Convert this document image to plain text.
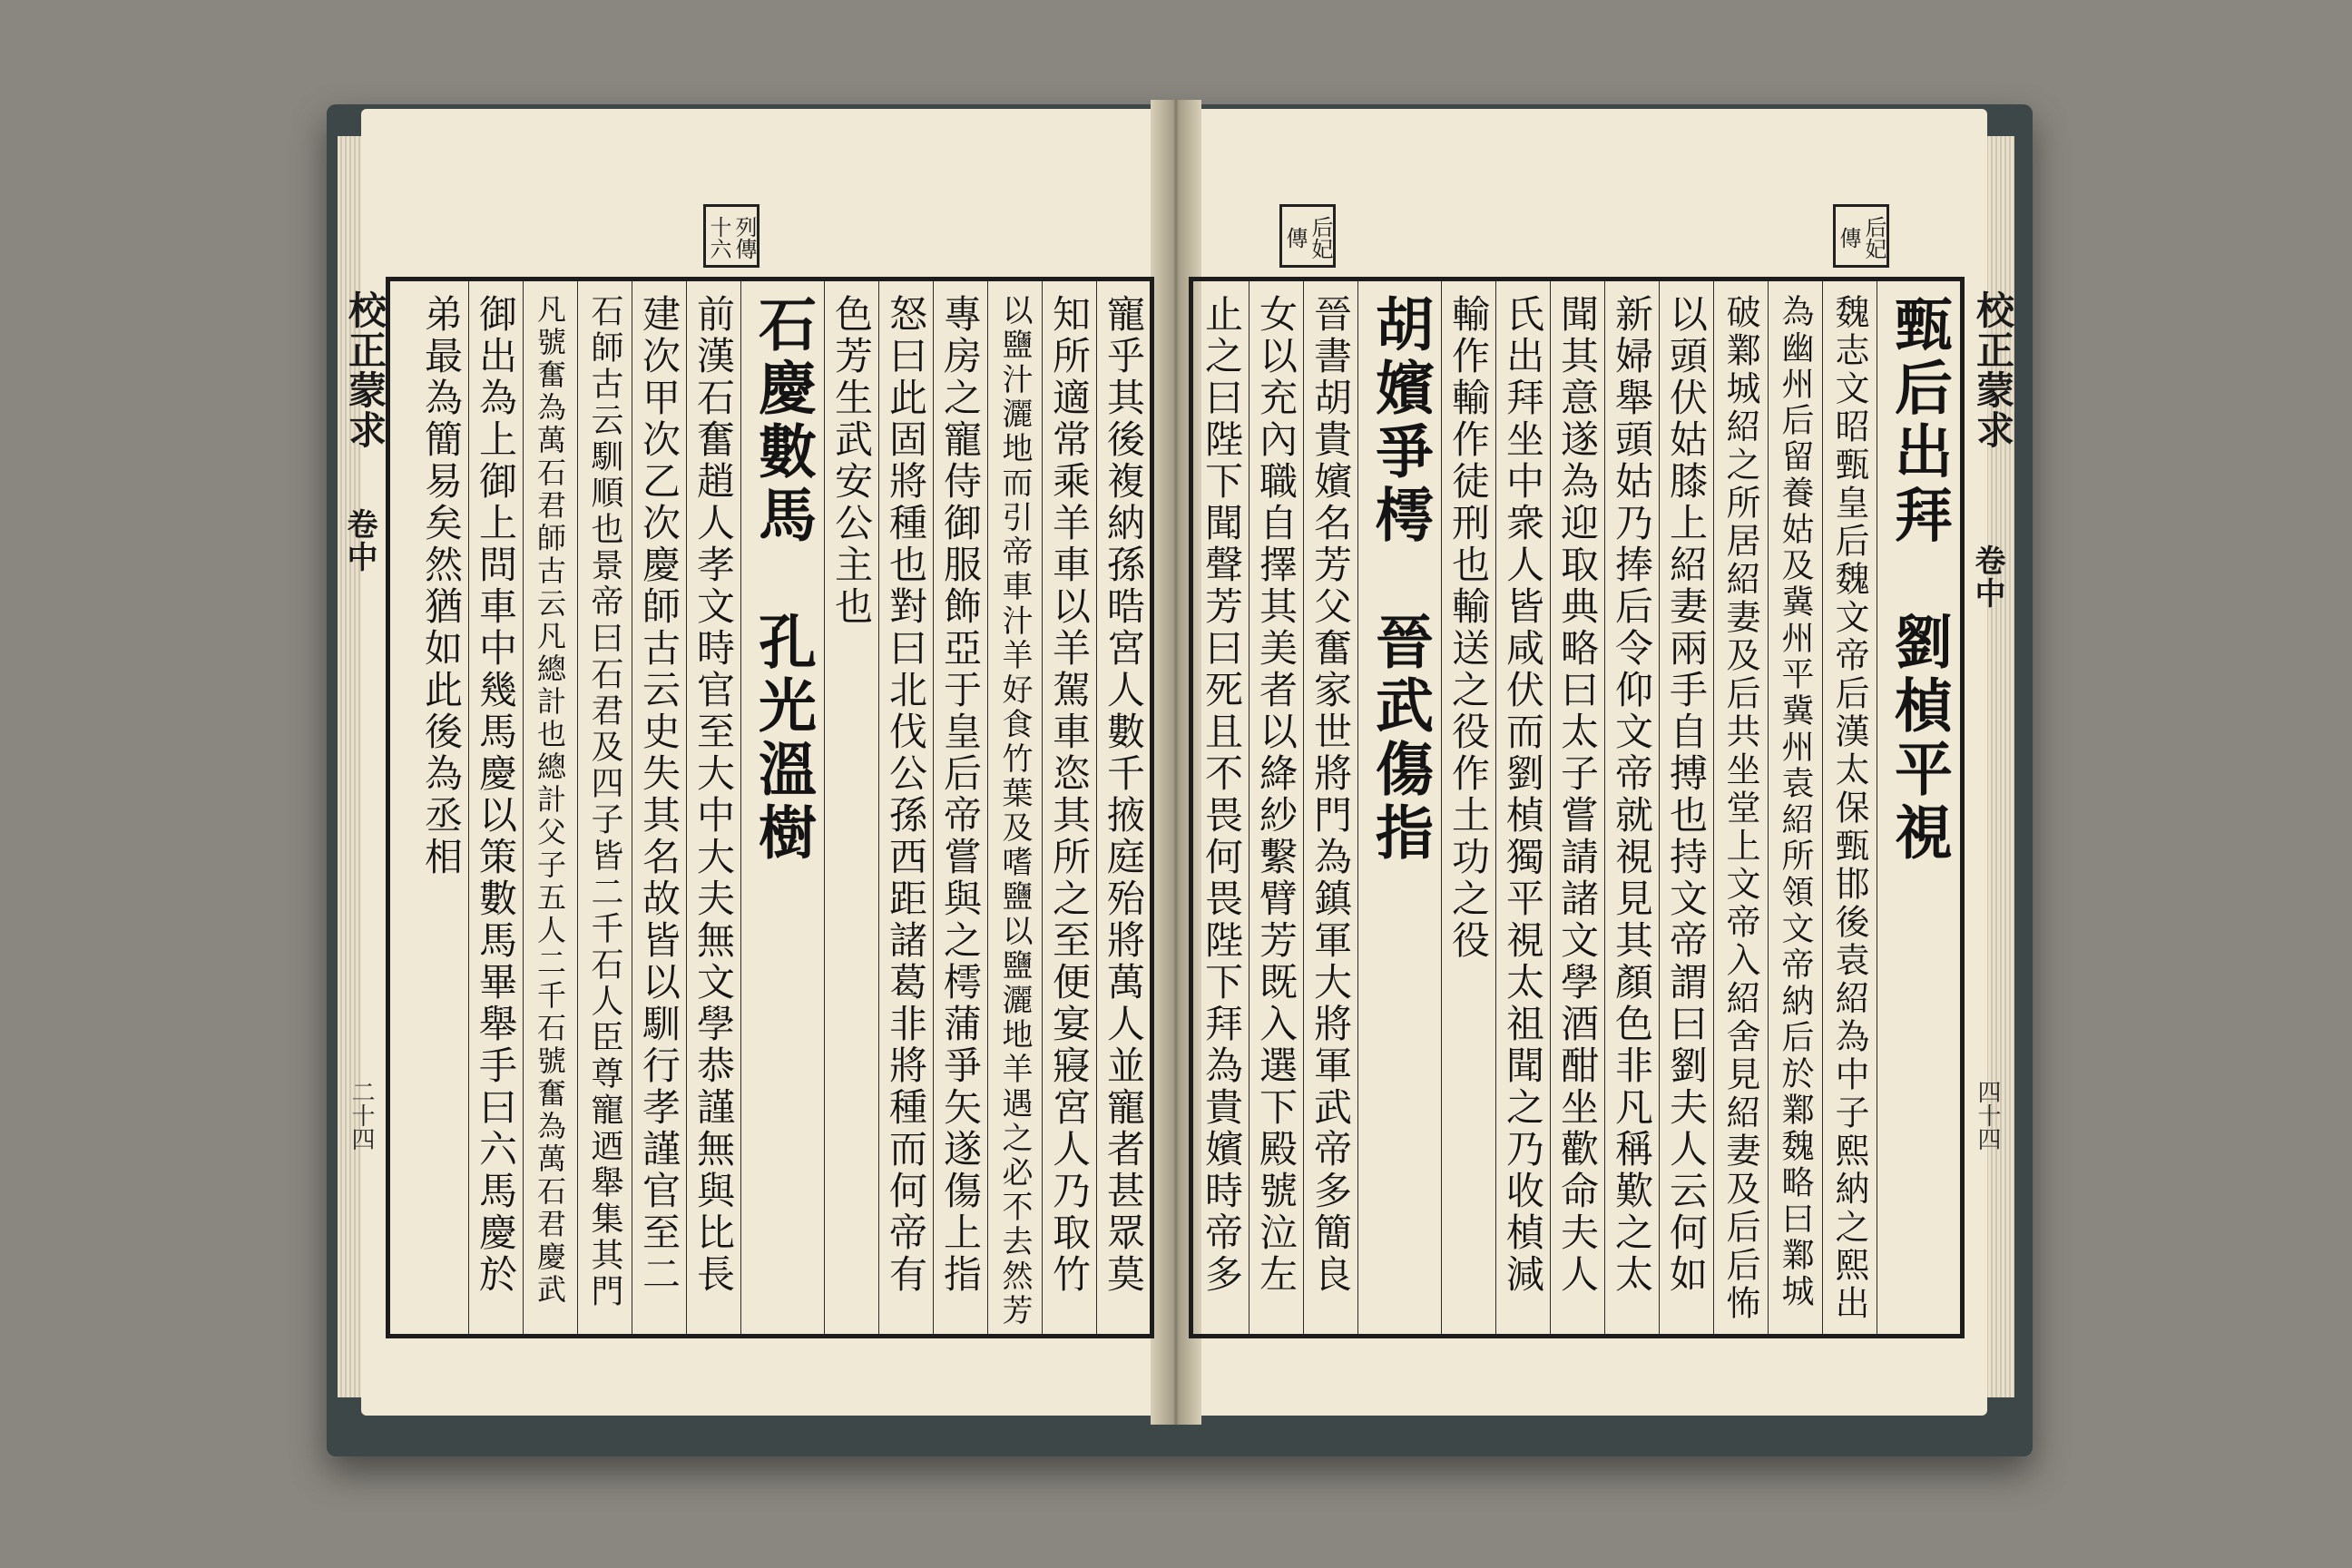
列傳十六
校正蒙求
卷中
二十四
后妃傳	后妃傳
校正蒙求
卷中
四十四
寵乎其後複納孫晧宮人數千掖庭殆將萬人並寵者甚眾莫
知所適常乘羊車以羊駕車恣其所之至便宴寢宮人乃取竹
以鹽汁灑地而引帝車汁羊好食竹葉及嗜鹽以鹽灑地羊遇之必不去然芳
專房之寵侍御服飾亞于皇后帝嘗與之樗蒲爭矢遂傷上指
怒曰此固將種也對曰北伐公孫西距諸葛非將種而何帝有
色芳生武安公主也
石慶數馬孔光溫樹
前漢石奮趙人孝文時官至大中大夫無文學恭謹無與比長
建次甲次乙次慶師古云史失其名故皆以馴行孝謹官至二
石師古云馴順也景帝曰石君及四子皆二千石人臣尊寵迺舉集其門
凡號奮為萬石君師古云凡總計也總計父子五人二千石號奮為萬石君慶武
御出為上御上問車中幾馬慶以策數馬畢舉手曰六馬慶於
弟最為簡易矣然猶如此後為丞相	甄后出拜劉楨平視
魏志文昭甄皇后魏文帝后漢太保甄邯後袁紹為中子熙納之熙出
為幽州后留養姑及冀州平冀州袁紹所領文帝納后於鄴魏略曰鄴城
破鄴城紹之所居紹妻及后共坐堂上文帝入紹舍見紹妻及后后怖
以頭伏姑膝上紹妻兩手自搏也持文帝謂曰劉夫人云何如
新婦舉頭姑乃捧后令仰文帝就視見其顏色非凡稱歎之太
聞其意遂為迎取典略曰太子嘗請諸文學酒酣坐歡命夫人
氏出拜坐中衆人皆咸伏而劉楨獨平視太祖聞之乃收楨減
輸作輸作徒刑也輸送之役作土功之役
胡嬪爭樗晉武傷指
晉書胡貴嬪名芳父奮家世將門為鎮軍大將軍武帝多簡良
女以充內職自擇其美者以絳紗繫臂芳既入選下殿號泣左
止之曰陛下聞聲芳曰死且不畏何畏陛下拜為貴嬪時帝多
